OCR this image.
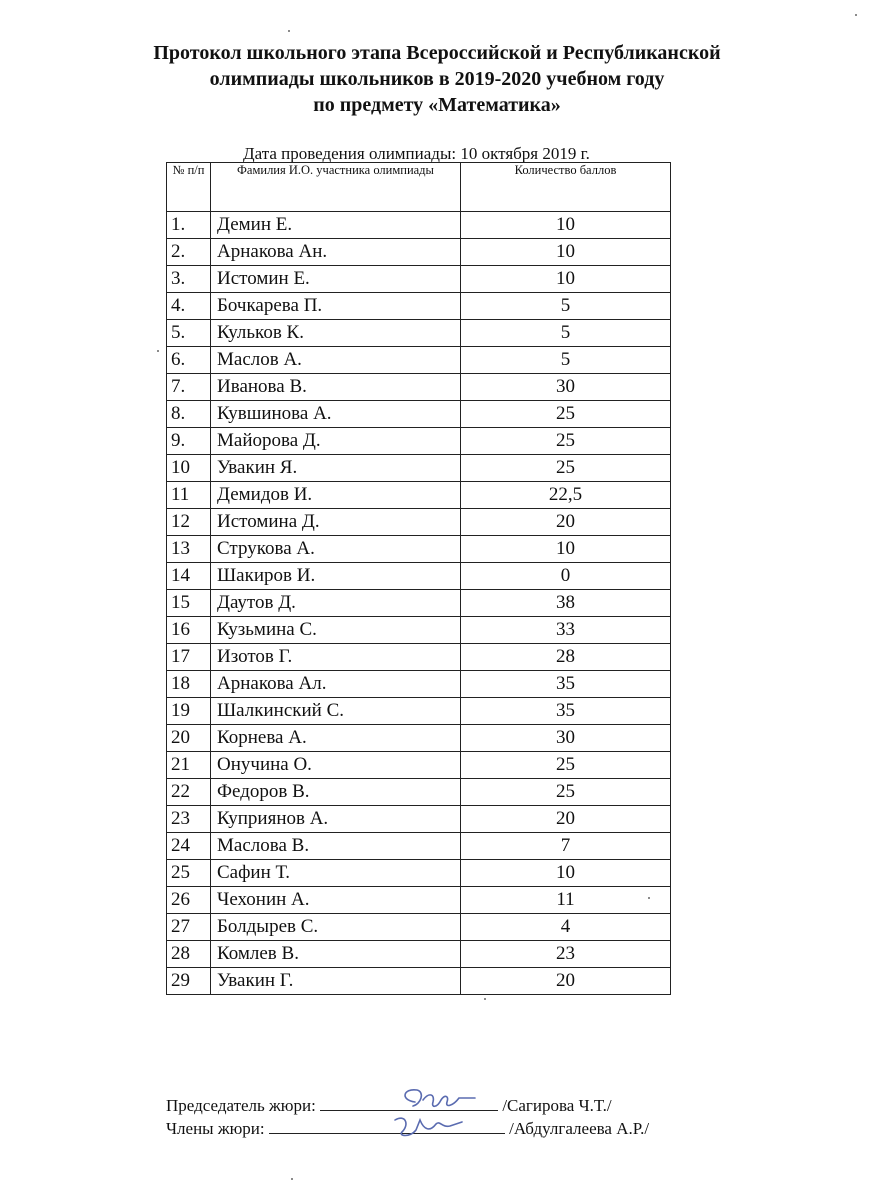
Протокол школьного этапа Всероссийской и Республиканской
олимпиады школьников в 2019-2020 учебном году
по предмету «Математика»
Дата проведения олимпиады: 10 октября 2019 г.
№ п/п	Фамилия И.О. участника олимпиады	Количество баллов
1.	Демин Е.	10
2.	Арнакова Ан.	10
3.	Истомин Е.	10
4.	Бочкарева П.	5
5.	Кульков К.	5
6.	Маслов А.	5
7.	Иванова В.	30
8.	Кувшинова А.	25
9.	Майорова Д.	25
10	Увакин Я.	25
11	Демидов И.	22,5
12	Истомина Д.	20
13	Струкова А.	10
14	Шакиров И.	0
15	Даутов Д.	38
16	Кузьмина С.	33
17	Изотов Г.	28
18	Арнакова Ал.	35
19	Шалкинский С.	35
20	Корнева А.	30
21	Онучина О.	25
22	Федоров В.	25
23	Куприянов А.	20
24	Маслова В.	7
25	Сафин Т.	10
26	Чехонин А.	11
27	Болдырев С.	4
28	Комлев В.	23
29	Увакин Г.	20
Председатель жюри:	/Сагирова Ч.Т./
Члены жюри:	/Абдулгалеева А.Р./
